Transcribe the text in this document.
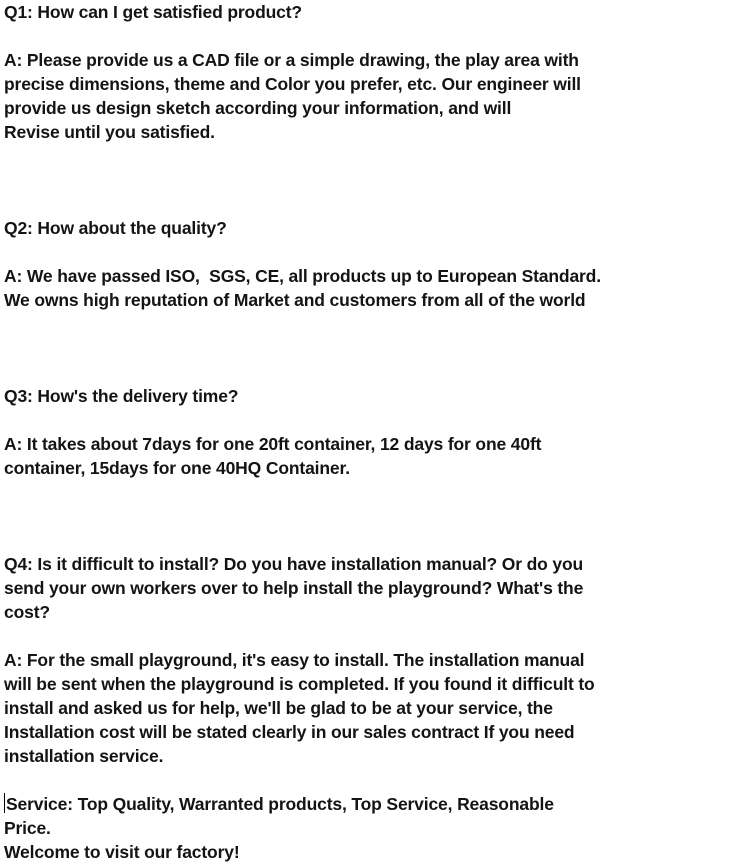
Q1: How can I get satisfied product?
A: Please provide us a CAD file or a simple drawing, the play area with
precise dimensions, theme and Color you prefer, etc. Our engineer will
provide us design sketch according your information, and will
Revise until you satisfied.
Q2: How about the quality?
A: We have passed ISO,  SGS, CE, all products up to European Standard.
We owns high reputation of Market and customers from all of the world
Q3: How's the delivery time?
A: It takes about 7days for one 20ft container, 12 days for one 40ft
container, 15days for one 40HQ Container.
Q4: Is it difficult to install? Do you have installation manual? Or do you
send your own workers over to help install the playground? What's the
cost?
A: For the small playground, it's easy to install. The installation manual
will be sent when the playground is completed. If you found it difficult to
install and asked us for help, we'll be glad to be at your service, the
Installation cost will be stated clearly in our sales contract If you need
installation service.
Service: Top Quality, Warranted products, Top Service, Reasonable
Price.
Welcome to visit our factory!
